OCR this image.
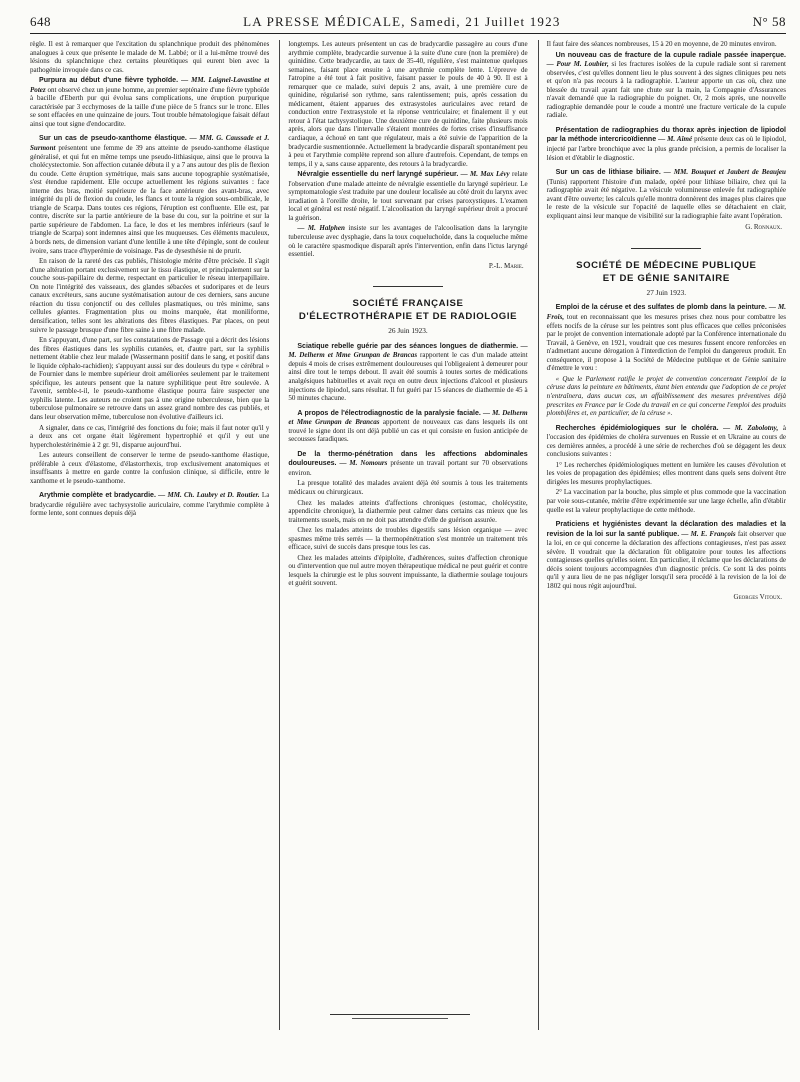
648	LA PRESSE MÉDICALE, Samedi, 21 Juillet 1923	N° 58

règle. Il est à remarquer que l'excitation du splanchnique produit des phénomènes analogues à ceux que présente le malade de M. Labbé; or il a lui-même trouvé des lésions du splanchnique chez certains pleurétiques qui eurent bien avec la pathogénie invoquée dans ce cas.

Purpura au début d'une fièvre typhoïde. — MM. Laignel-Lavastine et Potez ont observé chez un jeune homme, au premier septénaire d'une fièvre typhoïde à bacille d'Eberth pur qui évolua sans complications, une éruption purpurique caractérisée par 3 ecchymoses de la taille d'une pièce de 5 francs sur le tronc. Elles se sont effacées en une quinzaine de jours. Tout trouble hématologique faisait défaut ainsi que tout signe d'endocardite.

Sur un cas de pseudo-xanthome élastique. — MM. G. Caussade et J. Surmont présentent une femme de 39 ans atteinte de pseudo-xanthome élastique généralisé, et qui fut en même temps une pseudo-lithiasique, ainsi que le prouva la cholécystectomie. Son affection cutanée débuta il y a 7 ans autour des plis de flexion du coude. Cette éruption symétrique, mais sans aucune topographie systématisée, s'est étendue rapidement. Elle occupe actuellement les régions suivantes : face interne des bras, moitié supérieure de la face antérieure des avant-bras, avec intégrité du pli de flexion du coude, les flancs et toute la région sous-ombilicale, le triangle de Scarpa. Dans toutes ces régions, l'éruption est confluente. Elle est, par contre, discrète sur la partie antérieure de la base du cou, sur la poitrine et sur la partie supérieure de l'abdomen. La face, le dos et les membres inférieurs (sauf le triangle de Scarpa) sont indemnes ainsi que les muqueuses. Ces éléments maculeux, à bords nets, de dimension variant d'une lentille à une tête d'épingle, sont de couleur ivoire, sans trace d'hyperémie de voisinage. Pas de dysesthésie ni de prurit.

En raison de la rareté des cas publiés, l'histologie mérite d'être précisée. Il s'agit d'une altération portant exclusivement sur le tissu élastique, et principalement sur la couche sous-papillaire du derme, respectant en particulier le réseau interpapillaire. On note l'intégrité des vaisseaux, des glandes sébacées et sudoripares et de leurs canaux excréteurs, sans aucune systématisation autour de ces derniers, sans aucune réaction du tissu conjonctif ou des cellules plasmatiques, ou très minime, sans cellules géantes. Fragmentation plus ou moins marquée, état moniliforme, densification, telles sont les altérations des fibres élastiques. Par places, on peut suivre le passage brusque d'une fibre saine à une fibre malade.

En s'appuyant, d'une part, sur les constatations de Passage qui a décrit des lésions des fibres élastiques dans les syphilis cutanées, et, d'autre part, sur la syphilis nettement établie chez leur malade (Wassermann positif dans le sang, et positif dans le liquide céphalo-rachidien); s'appuyant aussi sur des douleurs du type « cérébral » de Fournier dans le membre supérieur droit améliorées seulement par le traitement spécifique, les auteurs pensent que la nature syphilitique peut être soulevée. A l'avenir, semble-t-il, le pseudo-xanthome élastique pourra faire suspecter une syphilis latente. Les auteurs ne croient pas à une origine tuberculeuse, bien que la tuberculose pulmonaire se retrouve dans un assez grand nombre des cas publiés, et dans leur observation même, tuberculose non évolutive d'ailleurs ici.

A signaler, dans ce cas, l'intégrité des fonctions du foie; mais il faut noter qu'il y a deux ans cet organe était légèrement hypertrophié et qu'il y eut une hypercholestérinémie à 2 gr. 91, disparue aujourd'hui.

Les auteurs conseillent de conserver le terme de pseudo-xanthome élastique, préférable à ceux d'élastome, d'élastorrhexis, trop exclusivement anatomiques et insuffisants à mettre en garde contre la confusion clinique, si difficile, entre le xanthome et le pseudo-xanthome.

Arythmie complète et bradycardie. — MM. Ch. Laubry et D. Routier. La bradycardie régulière avec tachysystolie auriculaire, comme l'arythmie complète à forme lente, sont connues depuis déjà

longtemps. Les auteurs présentent un cas de bradycardie passagère au cours d'une arythmie complète, bradycardie survenue à la suite d'une cure (non la première) de quinidine. Cette bradycardie, au taux de 35-40, régulière, s'est maintenue quelques semaines, faisant place ensuite à une arythmie complète lente. L'épreuve de l'atropine a été tout à fait positive, faisant passer le pouls de 40 à 90. Il est à remarquer que ce malade, suivi depuis 2 ans, avait, à une première cure de quinidine, régularisé son rythme, sans ralentissement; puis, après cessation du médicament, étaient apparues des extrasystoles auriculaires avec retard de conduction entre l'extrasystole et la réponse ventriculaire; et finalement il y eut retour à l'état tachysystolique. Une deuxième cure de quinidine, faite plusieurs mois après, alors que dans l'intervalle s'étaient montrées de fortes crises d'insuffisance cardiaque, a échoué en tant que régulateur, mais a été suivie de l'apparition de la bradycardie susmentionnée. Actuellement la bradycardie disparaît spontanément peu à peu et l'arythmie complète reprend son allure d'autrefois. Cependant, de temps en temps, il y a, sans cause apparente, des retours à la bradycardie.

Névralgie essentielle du nerf laryngé supérieur. — M. Max Lévy relate l'observation d'une malade atteinte de névralgie essentielle du laryngé supérieur. Le symptomatologie s'est traduite par une douleur localisée au côté droit du larynx avec irradiation à l'oreille droite, le tout survenant par crises paroxystiques. L'examen local et général est resté négatif. L'alcoolisation du laryngé supérieur droit a procuré la guérison.

— M. Halphen insiste sur les avantages de l'alcoolisation dans la laryngite tuberculeuse avec dysphagie, dans la toux coqueluchoïde, dans la coqueluche même où le caractère spasmodique disparaît après l'intervention, enfin dans l'ictus laryngé essentiel.

P.-L. Marie.
SOCIÉTÉ FRANÇAISE
D'ÉLECTROTHÉRAPIE ET DE RADIOLOGIE
26 Juin 1923.

Sciatique rebelle guérie par des séances longues de diathermie. — M. Delherm et Mme Grunpan de Brancas rapportent le cas d'un malade atteint depuis 4 mois de crises extrêmement douloureuses qui l'obligeaient à demeurer pour ainsi dire tout le temps debout. Il avait été soumis à toutes sortes de médications analgésiques habituelles et avait reçu en outre deux injections d'alcool et plusieurs injections de lipiodol, sans résultat. Il fut guéri par 15 séances de diathermie de 45 à 50 minutes chacune.

A propos de l'électrodiagnostic de la paralysie faciale. — M. Delherm et Mme Grunpan de Brancas apportent de nouveaux cas dans lesquels ils ont trouvé le signe dont ils ont déjà publié un cas et qui consiste en fusion anticipée de secousses faradiques.

De la thermo-pénétration dans les affections abdominales douloureuses. — M. Nomours présente un travail portant sur 70 observations environ.

La presque totalité des malades avaient déjà été soumis à tous les traitements médicaux ou chirurgicaux.

Chez les malades atteints d'affections chroniques (estomac, cholécystite, appendicite chronique), la diathermie peut calmer dans certains cas mieux que les traitements usuels, mais on ne doit pas attendre d'elle de guérison assurée.

Chez les malades atteints de troubles digestifs sans lésion organique — avec spasmes même très serrés — la thermopénétration s'est montrée un traitement très efficace, suivi de succès dans presque tous les cas.

Chez les malades atteints d'épiploïte, d'adhérences, suites d'affection chronique ou d'intervention que nul autre moyen thérapeutique médical ne peut guérir et contre lesquels la chirurgie est le plus souvent impuissante, la diathermie soulage toujours et guérit souvent.

Il faut faire des séances nombreuses, 15 à 20 en moyenne, de 20 minutes environ.

Un nouveau cas de fracture de la cupule radiale passée inaperçue. — Pour M. Loubier, si les fractures isolées de la cupule radiale sont si rarement observées, c'est qu'elles donnent lieu le plus souvent à des signes cliniques peu nets et qu'on n'a pas recours à la radiographie. L'auteur apporte un cas où, chez une blessée du travail ayant fait une chute sur la main, la Compagnie d'Assurances n'avait demandé que la radiographie du poignet. Or, 2 mois après, une nouvelle radiographie demandée pour le coude a montré une fracture verticale de la cupule radiale.

Présentation de radiographies du thorax après injection de lipiodol par la méthode intercricoïdienne — M. Aîmé présente deux cas où le lipiodol, injecté par l'arbre bronchique avec la plus grande précision, a permis de localiser la lésion et d'établir le diagnostic.

Sur un cas de lithiase biliaire. — MM. Bouquet et Jaubert de Beaujeu (Tunis) rapportent l'histoire d'un malade, opéré pour lithiase biliaire, chez qui la radiographie avait été négative. La vésicule volumineuse enlevée fut radiographiée avant d'être ouverte; les calculs qu'elle montra donnèrent des images plus claires que le reste de la vésicule sur l'opacité de laquelle elles se détachaient en clair, expliquant ainsi leur manque de visibilité sur la radiographie faite avant l'opération.

G. Ronnaux.
SOCIÉTÉ DE MÉDECINE PUBLIQUE
ET DE GÉNIE SANITAIRE
27 Juin 1923.

Emploi de la céruse et des sulfates de plomb dans la peinture. — M. Frois, tout en reconnaissant que les mesures prises chez nous pour combattre les effets nocifs de la céruse sur les peintres sont plus efficaces que celles préconisées par le projet de convention internationale adopté par la Conférence internationale du Travail, à Genève, en 1921, voudrait que ces mesures fussent encore renforcées en n'admettant aucune dérogation à l'interdiction de l'emploi du dangereux produit. En conséquence, il propose à la Société de Médecine publique et de Génie sanitaire d'émettre le vœu :

« Que le Parlement ratifie le projet de convention concernant l'emploi de la céruse dans la peinture en bâtiments, étant bien entendu que l'adoption de ce projet n'entraînera, dans aucun cas, un affaiblissement des mesures préventives déjà prescrites en France par le Code du travail en ce qui concerne l'emploi des produits plombifères et, en particulier, de la céruse ».

Recherches épidémiologiques sur le choléra. — M. Zabolotny, à l'occasion des épidémies de choléra survenues en Russie et en Ukraine au cours de ces dernières années, a procédé à une série de recherches d'où se dégagent les deux conclusions suivantes :

1° Les recherches épidémiologiques mettent en lumière les causes d'évolution et les voies de propagation des épidémies; elles montrent dans quels sens doivent être dirigées les mesures prophylactiques.

2° La vaccination par la bouche, plus simple et plus commode que la vaccination par voie sous-cutanée, mérite d'être expérimentée sur une large échelle, afin d'établir quelle est la valeur prophylactique de cette méthode.

Praticiens et hygiénistes devant la déclaration des maladies et la revision de la loi sur la santé publique. — M. E. François fait observer que la loi, en ce qui concerne la déclaration des affections contagieuses, n'est pas assez sévère. Il voudrait que la déclaration fût obligatoire pour toutes les affections contagieuses quelles qu'elles soient. En particulier, il réclame que les déclarations de décès soient toujours accompagnées d'un diagnostic précis. Ce sont là des points qu'il y aura lieu de ne pas négliger lorsqu'il sera procédé à la revision de la loi de 1802 qui nous régit aujourd'hui.

Georges Vitoux.
